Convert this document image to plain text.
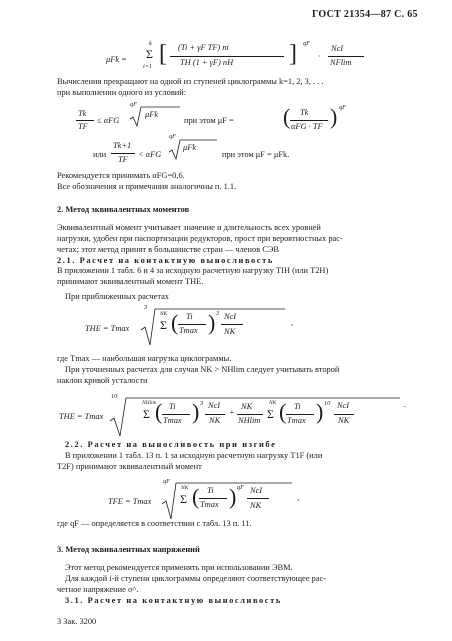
ГОСТ 21354—87 С. 65
μFk =
k
Σ
i=1 [ (Ti + γF TF) ni
TH (1 + γF) nH ] qF
·
NcI
NFlim
Вычисления прекращают на одной из ступеней циклограммы k=1, 2, 3, . . .
при выполнении одного из условий:
Tk
TF
≤ αFG
qF
μFk
при этом μF = ( Tk
αFG · TF ) qF
или
Tk+1
TF
< αFG
qF
μFk
при этом μF = μFk.
Рекомендуется принимать αFG=0,6.
Все обозначения и примечания аналогичны п. 1.1.
2. Метод эквивалентных моментов
Эквивалентный момент учитывает значение и длительность всех уровней
нагрузки, удобен при паспортизации редукторов, прост при вероятностных рас-
четах; этот метод принят в большинстве стран — членов СЭВ
2.1. Расчет на контактную выносливость
В приложении 1 табл. 6 и 4 за исходную расчетную нагрузку TIH (или T2H)
принимают эквивалентный момент THE.
При приближенных расчетах
THE = Tmax
3
NK
Σ ( Ti
Tmax ) 3 NcI
NK
,
где Tmax — наибольшая нагрузка циклограммы.
При уточненных расчетах для случая NK > NHlim следует учитывать второй
наклон кривой усталости
THE = Tmax
10
NHlim
Σ ( Ti
Tmax ) 3 NcI
NK
+
NK
NHlim
NK
Σ ( Ti
Tmax ) 10 NcI
NK
.
2.2. Расчет на выносливость при изгибе
В приложении 1 табл. 13 п. 1 за исходную расчетную нагрузку T1F (или
T2F) принимают эквивалентный момент
TFE = Tmax
qF
NK
Σ ( Ti
Tmax ) qF NcI
NK
,
где qF — определяется в соответствии с табл. 13 п. 11.
3. Метод эквивалентных напряжений
Этот метод рекомендуется применять при использовании ЭВМ.
Для каждой i-й ступени циклограммы определяют соответствующее рас-
четное напряжение σ^.
3.1. Расчет на контактную выносливость
3 Зак. 3200
